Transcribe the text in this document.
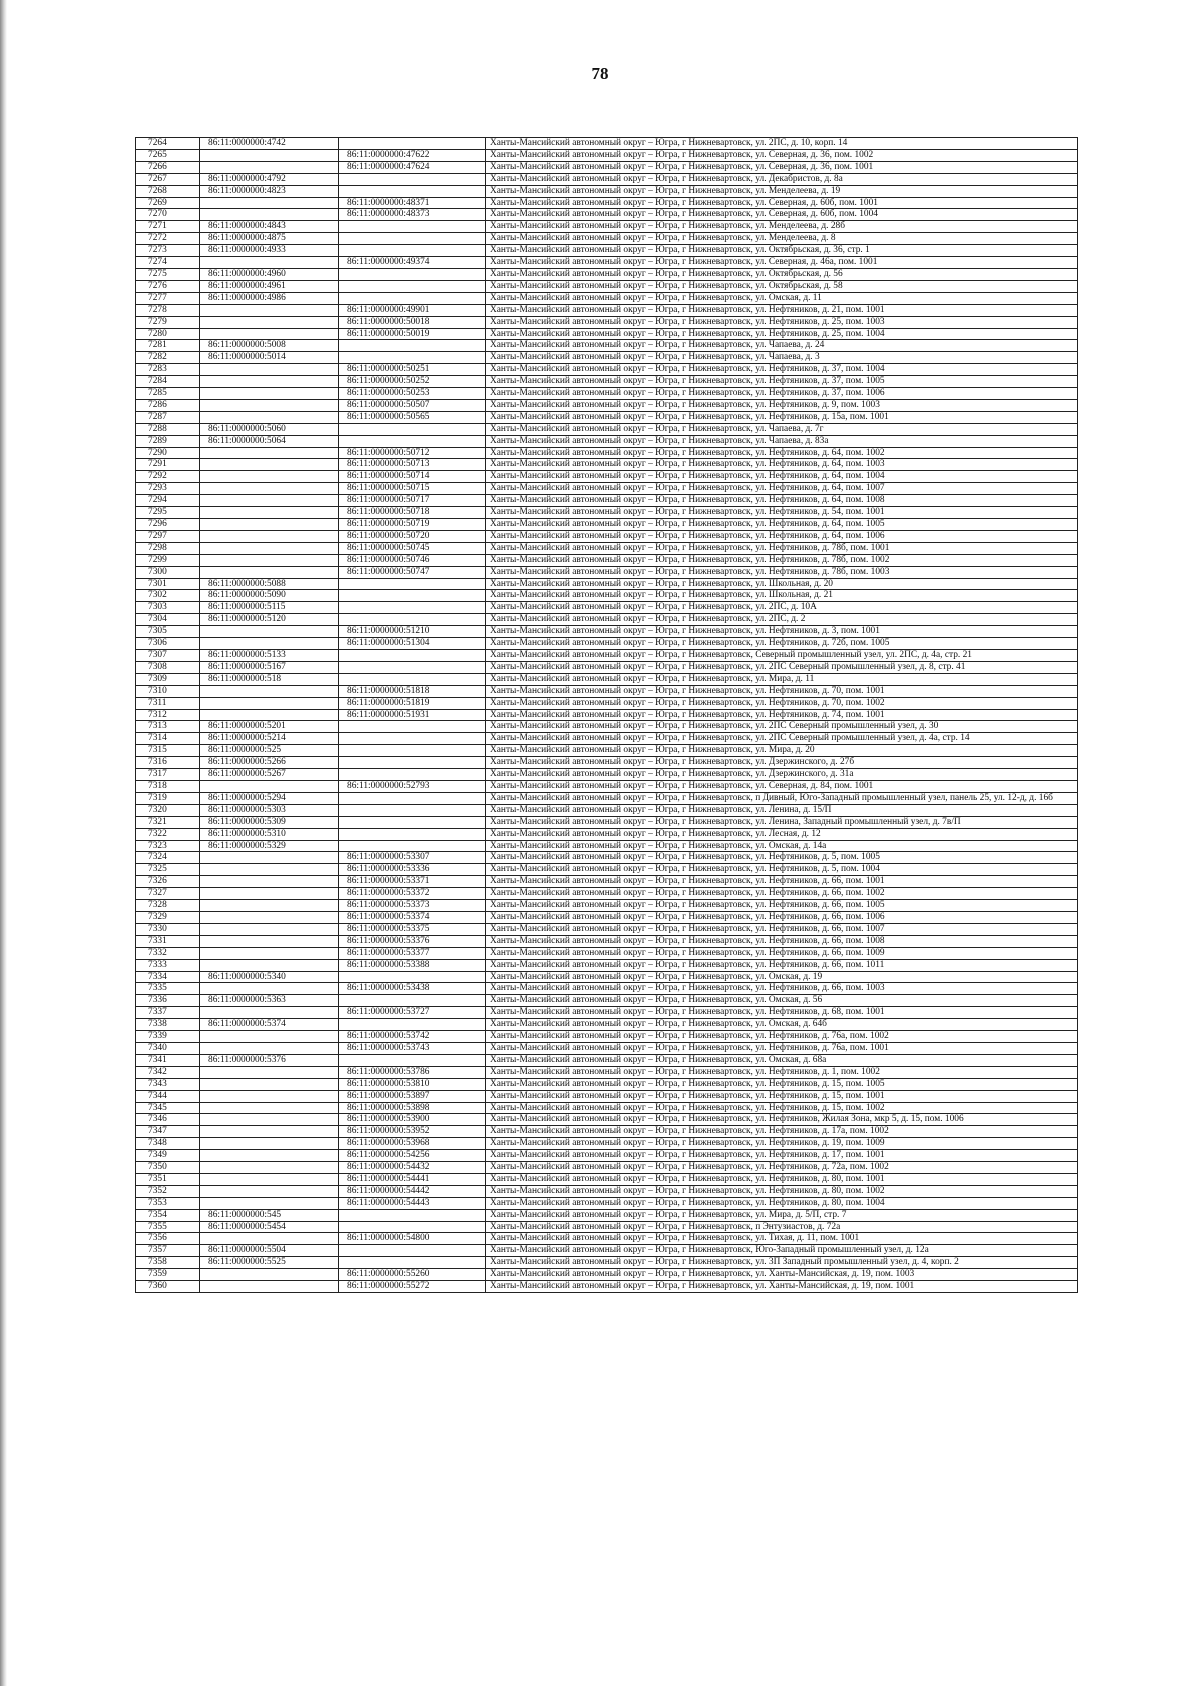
78
7264	86:11:0000000:4742		Ханты-Мансийский автономный округ – Югра, г Нижневартовск, ул. 2ПС, д. 10, корп. 14
7265		86:11:0000000:47622	Ханты-Мансийский автономный округ – Югра, г Нижневартовск, ул. Северная, д. 36, пом. 1002
7266		86:11:0000000:47624	Ханты-Мансийский автономный округ – Югра, г Нижневартовск, ул. Северная, д. 36, пом. 1001
7267	86:11:0000000:4792		Ханты-Мансийский автономный округ – Югра, г Нижневартовск, ул. Декабристов, д. 8а
7268	86:11:0000000:4823		Ханты-Мансийский автономный округ – Югра, г Нижневартовск, ул. Менделеева, д. 19
7269		86:11:0000000:48371	Ханты-Мансийский автономный округ – Югра, г Нижневартовск, ул. Северная, д. 60б, пом. 1001
7270		86:11:0000000:48373	Ханты-Мансийский автономный округ – Югра, г Нижневартовск, ул. Северная, д. 60б, пом. 1004
7271	86:11:0000000:4843		Ханты-Мансийский автономный округ – Югра, г Нижневартовск, ул. Менделеева, д. 28б
7272	86:11:0000000:4875		Ханты-Мансийский автономный округ – Югра, г Нижневартовск, ул. Менделеева, д. 8
7273	86:11:0000000:4933		Ханты-Мансийский автономный округ – Югра, г Нижневартовск, ул. Октябрьская, д. 36, стр. 1
7274		86:11:0000000:49374	Ханты-Мансийский автономный округ – Югра, г Нижневартовск, ул. Северная, д. 46а, пом. 1001
7275	86:11:0000000:4960		Ханты-Мансийский автономный округ – Югра, г Нижневартовск, ул. Октябрьская, д. 56
7276	86:11:0000000:4961		Ханты-Мансийский автономный округ – Югра, г Нижневартовск, ул. Октябрьская, д. 58
7277	86:11:0000000:4986		Ханты-Мансийский автономный округ – Югра, г Нижневартовск, ул. Омская, д. 11
7278		86:11:0000000:49901	Ханты-Мансийский автономный округ – Югра, г Нижневартовск, ул. Нефтяников, д. 21, пом. 1001
7279		86:11:0000000:50018	Ханты-Мансийский автономный округ – Югра, г Нижневартовск, ул. Нефтяников, д. 25, пом. 1003
7280		86:11:0000000:50019	Ханты-Мансийский автономный округ – Югра, г Нижневартовск, ул. Нефтяников, д. 25, пом. 1004
7281	86:11:0000000:5008		Ханты-Мансийский автономный округ – Югра, г Нижневартовск, ул. Чапаева, д. 24
7282	86:11:0000000:5014		Ханты-Мансийский автономный округ – Югра, г Нижневартовск, ул. Чапаева, д. 3
7283		86:11:0000000:50251	Ханты-Мансийский автономный округ – Югра, г Нижневартовск, ул. Нефтяников, д. 37, пом. 1004
7284		86:11:0000000:50252	Ханты-Мансийский автономный округ – Югра, г Нижневартовск, ул. Нефтяников, д. 37, пом. 1005
7285		86:11:0000000:50253	Ханты-Мансийский автономный округ – Югра, г Нижневартовск, ул. Нефтяников, д. 37, пом. 1006
7286		86:11:0000000:50507	Ханты-Мансийский автономный округ – Югра, г Нижневартовск, ул. Нефтяников, д. 9, пом. 1003
7287		86:11:0000000:50565	Ханты-Мансийский автономный округ – Югра, г Нижневартовск, ул. Нефтяников, д. 15а, пом. 1001
7288	86:11:0000000:5060		Ханты-Мансийский автономный округ – Югра, г Нижневартовск, ул. Чапаева, д. 7г
7289	86:11:0000000:5064		Ханты-Мансийский автономный округ – Югра, г Нижневартовск, ул. Чапаева, д. 83а
7290		86:11:0000000:50712	Ханты-Мансийский автономный округ – Югра, г Нижневартовск, ул. Нефтяников, д. 64, пом. 1002
7291		86:11:0000000:50713	Ханты-Мансийский автономный округ – Югра, г Нижневартовск, ул. Нефтяников, д. 64, пом. 1003
7292		86:11:0000000:50714	Ханты-Мансийский автономный округ – Югра, г Нижневартовск, ул. Нефтяников, д. 64, пом. 1004
7293		86:11:0000000:50715	Ханты-Мансийский автономный округ – Югра, г Нижневартовск, ул. Нефтяников, д. 64, пом. 1007
7294		86:11:0000000:50717	Ханты-Мансийский автономный округ – Югра, г Нижневартовск, ул. Нефтяников, д. 64, пом. 1008
7295		86:11:0000000:50718	Ханты-Мансийский автономный округ – Югра, г Нижневартовск, ул. Нефтяников, д. 54, пом. 1001
7296		86:11:0000000:50719	Ханты-Мансийский автономный округ – Югра, г Нижневартовск, ул. Нефтяников, д. 64, пом. 1005
7297		86:11:0000000:50720	Ханты-Мансийский автономный округ – Югра, г Нижневартовск, ул. Нефтяников, д. 64, пом. 1006
7298		86:11:0000000:50745	Ханты-Мансийский автономный округ – Югра, г Нижневартовск, ул. Нефтяников, д. 78б, пом. 1001
7299		86:11:0000000:50746	Ханты-Мансийский автономный округ – Югра, г Нижневартовск, ул. Нефтяников, д. 78б, пом. 1002
7300		86:11:0000000:50747	Ханты-Мансийский автономный округ – Югра, г Нижневартовск, ул. Нефтяников, д. 78б, пом. 1003
7301	86:11:0000000:5088		Ханты-Мансийский автономный округ – Югра, г Нижневартовск, ул. Школьная, д. 20
7302	86:11:0000000:5090		Ханты-Мансийский автономный округ – Югра, г Нижневартовск, ул. Школьная, д. 21
7303	86:11:0000000:5115		Ханты-Мансийский автономный округ – Югра, г Нижневартовск, ул. 2ПС, д. 10А
7304	86:11:0000000:5120		Ханты-Мансийский автономный округ – Югра, г Нижневартовск, ул. 2ПС, д. 2
7305		86:11:0000000:51210	Ханты-Мансийский автономный округ – Югра, г Нижневартовск, ул. Нефтяников, д. 3, пом. 1001
7306		86:11:0000000:51304	Ханты-Мансийский автономный округ – Югра, г Нижневартовск, ул. Нефтяников, д. 72б, пом. 1005
7307	86:11:0000000:5133		Ханты-Мансийский автономный округ – Югра, г Нижневартовск, Северный промышленный узел, ул. 2ПС, д. 4а, стр. 21
7308	86:11:0000000:5167		Ханты-Мансийский автономный округ – Югра, г Нижневартовск, ул. 2ПС Северный промышленный узел, д. 8, стр. 41
7309	86:11:0000000:518		Ханты-Мансийский автономный округ – Югра, г Нижневартовск, ул. Мира, д. 11
7310		86:11:0000000:51818	Ханты-Мансийский автономный округ – Югра, г Нижневартовск, ул. Нефтяников, д. 70, пом. 1001
7311		86:11:0000000:51819	Ханты-Мансийский автономный округ – Югра, г Нижневартовск, ул. Нефтяников, д. 70, пом. 1002
7312		86:11:0000000:51931	Ханты-Мансийский автономный округ – Югра, г Нижневартовск, ул. Нефтяников, д. 74, пом. 1001
7313	86:11:0000000:5201		Ханты-Мансийский автономный округ – Югра, г Нижневартовск, ул. 2ПС Северный промышленный узел, д. 30
7314	86:11:0000000:5214		Ханты-Мансийский автономный округ – Югра, г Нижневартовск, ул. 2ПС Северный промышленный узел, д. 4а, стр. 14
7315	86:11:0000000:525		Ханты-Мансийский автономный округ – Югра, г Нижневартовск, ул. Мира, д. 20
7316	86:11:0000000:5266		Ханты-Мансийский автономный округ – Югра, г Нижневартовск, ул. Дзержинского, д. 27б
7317	86:11:0000000:5267		Ханты-Мансийский автономный округ – Югра, г Нижневартовск, ул. Дзержинского, д. 31а
7318		86:11:0000000:52793	Ханты-Мансийский автономный округ – Югра, г Нижневартовск, ул. Северная, д. 84, пом. 1001
7319	86:11:0000000:5294		Ханты-Мансийский автономный округ – Югра, г Нижневартовск, п Дивный, Юго-Западный промышленный узел, панель 25, ул. 12-д, д. 16б
7320	86:11:0000000:5303		Ханты-Мансийский автономный округ – Югра, г Нижневартовск, ул. Ленина, д. 15/П
7321	86:11:0000000:5309		Ханты-Мансийский автономный округ – Югра, г Нижневартовск, ул. Ленина, Западный промышленный узел, д. 7в/П
7322	86:11:0000000:5310		Ханты-Мансийский автономный округ – Югра, г Нижневартовск, ул. Лесная, д. 12
7323	86:11:0000000:5329		Ханты-Мансийский автономный округ – Югра, г Нижневартовск, ул. Омская, д. 14а
7324		86:11:0000000:53307	Ханты-Мансийский автономный округ – Югра, г Нижневартовск, ул. Нефтяников, д. 5, пом. 1005
7325		86:11:0000000:53336	Ханты-Мансийский автономный округ – Югра, г Нижневартовск, ул. Нефтяников, д. 5, пом. 1004
7326		86:11:0000000:53371	Ханты-Мансийский автономный округ – Югра, г Нижневартовск, ул. Нефтяников, д. 66, пом. 1001
7327		86:11:0000000:53372	Ханты-Мансийский автономный округ – Югра, г Нижневартовск, ул. Нефтяников, д. 66, пом. 1002
7328		86:11:0000000:53373	Ханты-Мансийский автономный округ – Югра, г Нижневартовск, ул. Нефтяников, д. 66, пом. 1005
7329		86:11:0000000:53374	Ханты-Мансийский автономный округ – Югра, г Нижневартовск, ул. Нефтяников, д. 66, пом. 1006
7330		86:11:0000000:53375	Ханты-Мансийский автономный округ – Югра, г Нижневартовск, ул. Нефтяников, д. 66, пом. 1007
7331		86:11:0000000:53376	Ханты-Мансийский автономный округ – Югра, г Нижневартовск, ул. Нефтяников, д. 66, пом. 1008
7332		86:11:0000000:53377	Ханты-Мансийский автономный округ – Югра, г Нижневартовск, ул. Нефтяников, д. 66, пом. 1009
7333		86:11:0000000:53388	Ханты-Мансийский автономный округ – Югра, г Нижневартовск, ул. Нефтяников, д. 66, пом. 1011
7334	86:11:0000000:5340		Ханты-Мансийский автономный округ – Югра, г Нижневартовск, ул. Омская, д. 19
7335		86:11:0000000:53438	Ханты-Мансийский автономный округ – Югра, г Нижневартовск, ул. Нефтяников, д. 66, пом. 1003
7336	86:11:0000000:5363		Ханты-Мансийский автономный округ – Югра, г Нижневартовск, ул. Омская, д. 56
7337		86:11:0000000:53727	Ханты-Мансийский автономный округ – Югра, г Нижневартовск, ул. Нефтяников, д. 68, пом. 1001
7338	86:11:0000000:5374		Ханты-Мансийский автономный округ – Югра, г Нижневартовск, ул. Омская, д. 64б
7339		86:11:0000000:53742	Ханты-Мансийский автономный округ – Югра, г Нижневартовск, ул. Нефтяников, д. 76а, пом. 1002
7340		86:11:0000000:53743	Ханты-Мансийский автономный округ – Югра, г Нижневартовск, ул. Нефтяников, д. 76а, пом. 1001
7341	86:11:0000000:5376		Ханты-Мансийский автономный округ – Югра, г Нижневартовск, ул. Омская, д. 68а
7342		86:11:0000000:53786	Ханты-Мансийский автономный округ – Югра, г Нижневартовск, ул. Нефтяников, д. 1, пом. 1002
7343		86:11:0000000:53810	Ханты-Мансийский автономный округ – Югра, г Нижневартовск, ул. Нефтяников, д. 15, пом. 1005
7344		86:11:0000000:53897	Ханты-Мансийский автономный округ – Югра, г Нижневартовск, ул. Нефтяников, д. 15, пом. 1001
7345		86:11:0000000:53898	Ханты-Мансийский автономный округ – Югра, г Нижневартовск, ул. Нефтяников, д. 15, пом. 1002
7346		86:11:0000000:53900	Ханты-Мансийский автономный округ – Югра, г Нижневартовск, ул. Нефтяников, Жилая Зона, мкр 5, д. 15, пом. 1006
7347		86:11:0000000:53952	Ханты-Мансийский автономный округ – Югра, г Нижневартовск, ул. Нефтяников, д. 17а, пом. 1002
7348		86:11:0000000:53968	Ханты-Мансийский автономный округ – Югра, г Нижневартовск, ул. Нефтяников, д. 19, пом. 1009
7349		86:11:0000000:54256	Ханты-Мансийский автономный округ – Югра, г Нижневартовск, ул. Нефтяников, д. 17, пом. 1001
7350		86:11:0000000:54432	Ханты-Мансийский автономный округ – Югра, г Нижневартовск, ул. Нефтяников, д. 72а, пом. 1002
7351		86:11:0000000:54441	Ханты-Мансийский автономный округ – Югра, г Нижневартовск, ул. Нефтяников, д. 80, пом. 1001
7352		86:11:0000000:54442	Ханты-Мансийский автономный округ – Югра, г Нижневартовск, ул. Нефтяников, д. 80, пом. 1002
7353		86:11:0000000:54443	Ханты-Мансийский автономный округ – Югра, г Нижневартовск, ул. Нефтяников, д. 80, пом. 1004
7354	86:11:0000000:545		Ханты-Мансийский автономный округ – Югра, г Нижневартовск, ул. Мира, д. 5/П, стр. 7
7355	86:11:0000000:5454		Ханты-Мансийский автономный округ – Югра, г Нижневартовск, п Энтузиастов, д. 72а
7356		86:11:0000000:54800	Ханты-Мансийский автономный округ – Югра, г Нижневартовск, ул. Тихая, д. 11, пом. 1001
7357	86:11:0000000:5504		Ханты-Мансийский автономный округ – Югра, г Нижневартовск, Юго-Западный промышленный узел, д. 12а
7358	86:11:0000000:5525		Ханты-Мансийский автономный округ – Югра, г Нижневартовск, ул. 3П Западный промышленный узел, д. 4, корп. 2
7359		86:11:0000000:55260	Ханты-Мансийский автономный округ – Югра, г Нижневартовск, ул. Ханты-Мансийская, д. 19, пом. 1003
7360		86:11:0000000:55272	Ханты-Мансийский автономный округ – Югра, г Нижневартовск, ул. Ханты-Мансийская, д. 19, пом. 1001
